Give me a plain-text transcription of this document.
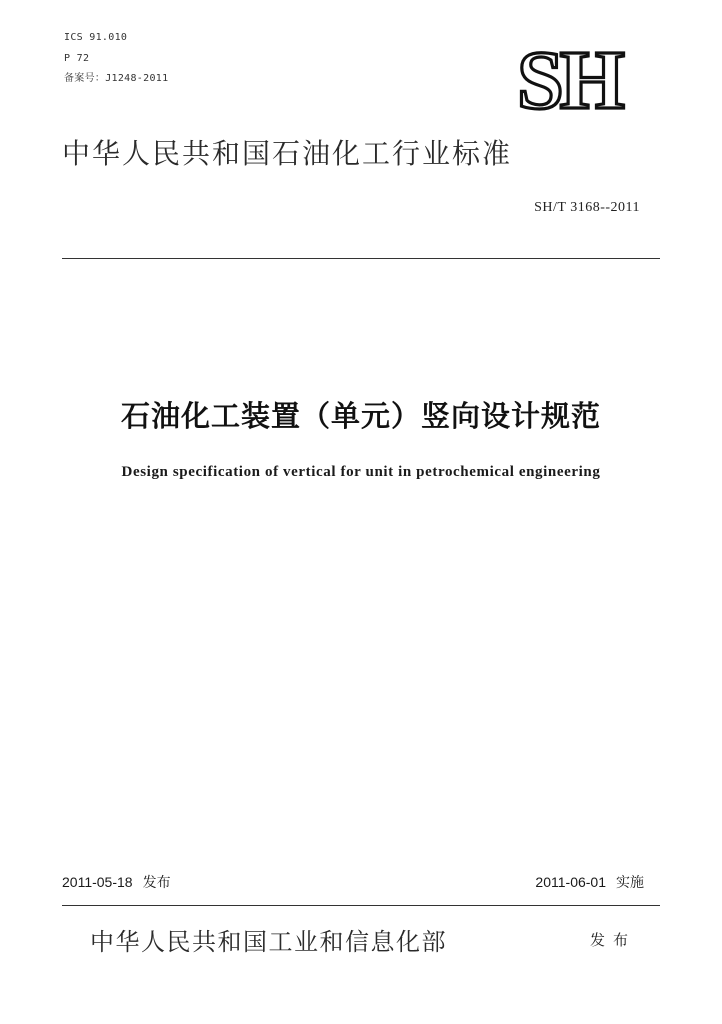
ICS 91.010
P 72
备案号：J1248-2011	SH
中华人民共和国石油化工行业标准
SH/T 3168--2011
石油化工装置（单元）竖向设计规范
Design specification of vertical for unit in petrochemical engineering
2011-05-18 发布	2011-06-01 实施
中华人民共和国工业和信息化部	发布
